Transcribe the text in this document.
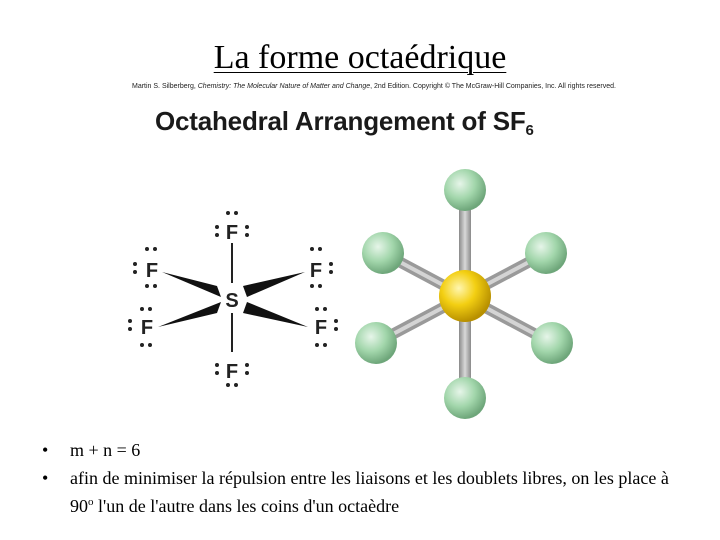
La forme octaédrique
Martin S. Silberberg, Chemistry: The Molecular Nature of Matter and Change, 2nd Edition. Copyright © The McGraw-Hill Companies, Inc. All rights reserved.
Octahedral Arrangement of $SF_6$
S
F
F
F	F
F	F
• m + n = 6
• afin de minimiser la répulsion entre les liaisons et les doublets libres, on les place à 90$^o$ l'un de l'autre dans les coins d'un octaèdre
